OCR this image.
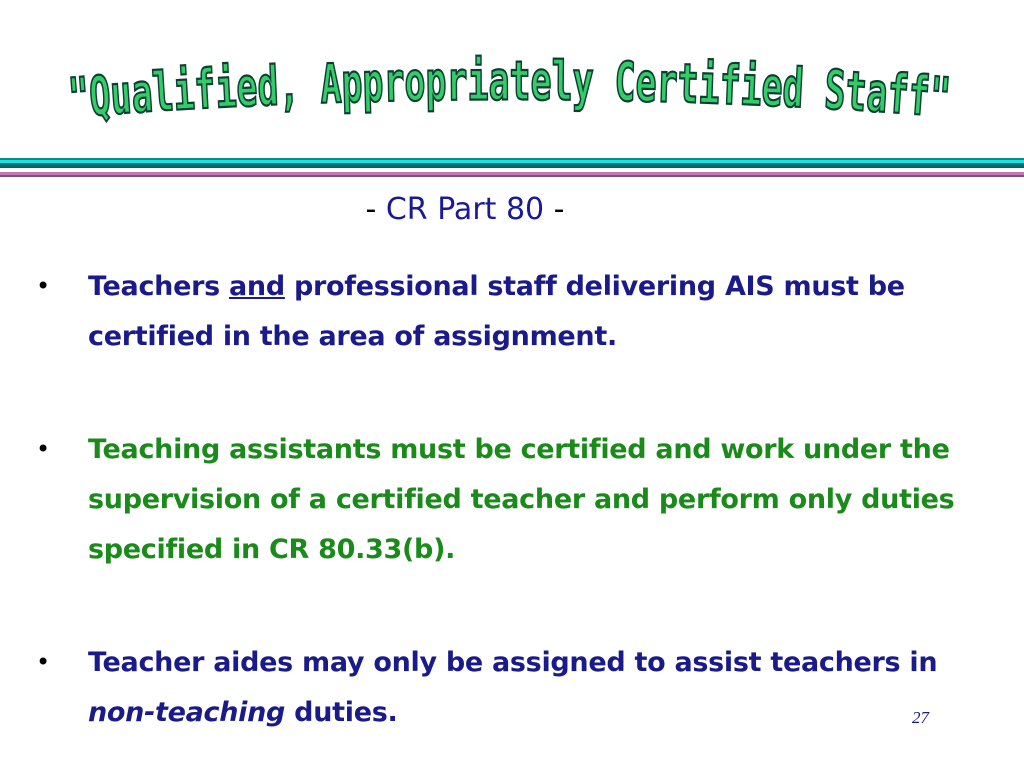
"Qualified, Appropriately Certified Staff"
- CR Part 80 -
• Teachers and professional staff delivering AIS must be certified in the area of assignment.
• Teaching assistants must be certified and work under the supervision of a certified teacher and perform only duties specified in CR 80.33(b).
• Teacher aides may only be assigned to assist teachers in non-teaching duties.	27
